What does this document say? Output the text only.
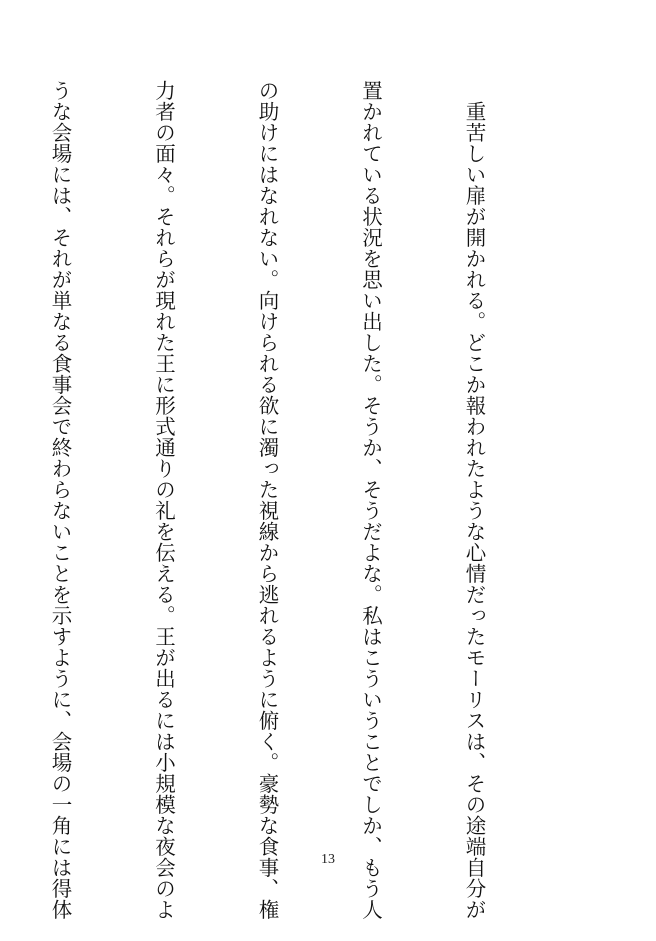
　重苦しい扉が開かれる。どこか報われたような心情だったモーリスは、その途端自分が

置かれている状況を思い出した。そうか、そうだよな。私はこういうことでしか、もう人

の助けにはなれない。向けられる欲に濁った視線から逃れるように俯く。豪勢な食事、権

力者の面々。それらが現れた王に形式通りの礼を伝える。王が出るには小規模な夜会のよ

うな会場には、それが単なる食事会で終わらないことを示すように、会場の一角には得体

	13
